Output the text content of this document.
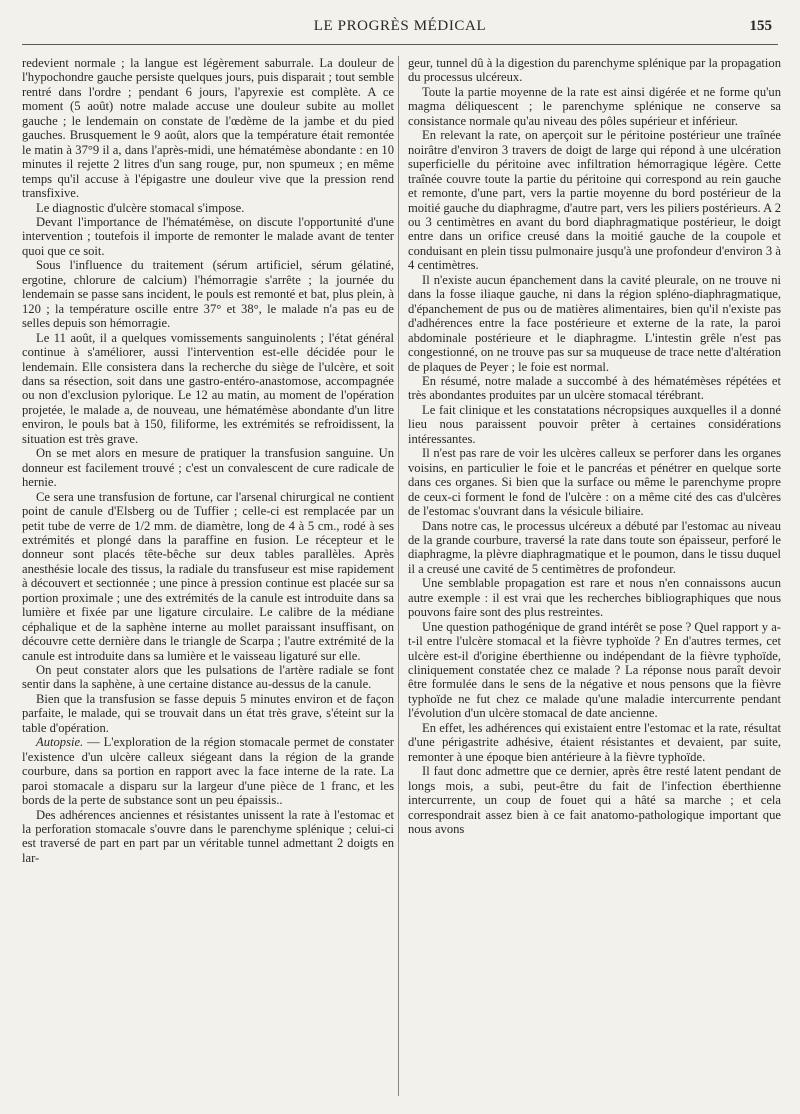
LE PROGRÈS MÉDICAL	155

redevient normale ; la langue est légèrement saburrale. La douleur de l'hypochondre gauche persiste quelques jours, puis disparait ; tout semble rentré dans l'ordre ; pendant 6 jours, l'apyrexie est complète. A ce moment (5 août) notre malade accuse une douleur subite au mollet gauche ; le lendemain on constate de l'œdème de la jambe et du pied gauches. Brusquement le 9 août, alors que la température était remontée le matin à 37°9 il a, dans l'après-midi, une hématémèse abondante : en 10 minutes il rejette 2 litres d'un sang rouge, pur, non spumeux ; en même temps qu'il accuse à l'épigastre une douleur vive que la pression rend transfixive.

Le diagnostic d'ulcère stomacal s'impose.

Devant l'importance de l'hématémèse, on discute l'opportunité d'une intervention ; toutefois il importe de remonter le malade avant de tenter quoi que ce soit.

Sous l'influence du traitement (sérum artificiel, sérum gélatiné, ergotine, chlorure de calcium) l'hémorragie s'arrête ; la journée du lendemain se passe sans incident, le pouls est remonté et bat, plus plein, à 120 ; la température oscille entre 37° et 38°, le malade n'a pas eu de selles depuis son hémorragie.

Le 11 août, il a quelques vomissements sanguinolents ; l'état général continue à s'améliorer, aussi l'intervention est-elle décidée pour le lendemain. Elle consistera dans la recherche du siège de l'ulcère, et soit dans sa résection, soit dans une gastro-entéro-anastomose, accompagnée ou non d'exclusion pylorique. Le 12 au matin, au moment de l'opération projetée, le malade a, de nouveau, une hématémèse abondante d'un litre environ, le pouls bat à 150, filiforme, les extrémités se refroidissent, la situation est très grave.

On se met alors en mesure de pratiquer la transfusion sanguine. Un donneur est facilement trouvé ; c'est un convalescent de cure radicale de hernie.

Ce sera une transfusion de fortune, car l'arsenal chirurgical ne contient point de canule d'Elsberg ou de Tuffier ; celle-ci est remplacée par un petit tube de verre de 1/2 mm. de diamètre, long de 4 à 5 cm., rodé à ses extrémités et plongé dans la paraffine en fusion. Le récepteur et le donneur sont placés tête-bêche sur deux tables parallèles. Après anesthésie locale des tissus, la radiale du transfuseur est mise rapidement à découvert et sectionnée ; une pince à pression continue est placée sur sa portion proximale ; une des extrémités de la canule est introduite dans sa lumière et fixée par une ligature circulaire. Le calibre de la médiane céphalique et de la saphène interne au mollet paraissant insuffisant, on découvre cette dernière dans le triangle de Scarpa ; l'autre extrémité de la canule est introduite dans sa lumière et le vaisseau ligaturé sur elle.

On peut constater alors que les pulsations de l'artère radiale se font sentir dans la saphène, à une certaine distance au-dessus de la canule.

Bien que la transfusion se fasse depuis 5 minutes environ et de façon parfaite, le malade, qui se trouvait dans un état très grave, s'éteint sur la table d'opération.

Autopsie. — L'exploration de la région stomacale permet de constater l'existence d'un ulcère calleux siégeant dans la région de la grande courbure, dans sa portion en rapport avec la face interne de la rate. La paroi stomacale a disparu sur la largeur d'une pièce de 1 franc, et les bords de la perte de substance sont un peu épaissis..

Des adhérences anciennes et résistantes unissent la rate à l'estomac et la perforation stomacale s'ouvre dans le parenchyme splénique ; celui-ci est traversé de part en part par un véritable tunnel admettant 2 doigts en lar-

geur, tunnel dû à la digestion du parenchyme splénique par la propagation du processus ulcéreux.

Toute la partie moyenne de la rate est ainsi digérée et ne forme qu'un magma déliquescent ; le parenchyme splénique ne conserve sa consistance normale qu'au niveau des pôles supérieur et inférieur.

En relevant la rate, on aperçoit sur le péritoine postérieur une traînée noirâtre d'environ 3 travers de doigt de large qui répond à une ulcération superficielle du péritoine avec infiltration hémorragique légère. Cette traînée couvre toute la partie du péritoine qui correspond au rein gauche et remonte, d'une part, vers la partie moyenne du bord postérieur de la moitié gauche du diaphragme, d'autre part, vers les piliers postérieurs. A 2 ou 3 centimètres en avant du bord diaphragmatique postérieur, le doigt entre dans un orifice creusé dans la moitié gauche de la coupole et conduisant en plein tissu pulmonaire jusqu'à une profondeur d'environ 3 à 4 centimètres.

Il n'existe aucun épanchement dans la cavité pleurale, on ne trouve ni dans la fosse iliaque gauche, ni dans la région spléno-diaphragmatique, d'épanchement de pus ou de matières alimentaires, bien qu'il n'existe pas d'adhérences entre la face postérieure et externe de la rate, la paroi abdominale postérieure et le diaphragme. L'intestin grêle n'est pas congestionné, on ne trouve pas sur sa muqueuse de trace nette d'altération de plaques de Peyer ; le foie est normal.

En résumé, notre malade a succombé à des hématémèses répétées et très abondantes produites par un ulcère stomacal térébrant.

Le fait clinique et les constatations nécropsiques auxquelles il a donné lieu nous paraissent pouvoir prêter à certaines considérations intéressantes.

Il n'est pas rare de voir les ulcères calleux se perforer dans les organes voisins, en particulier le foie et le pancréas et pénétrer en quelque sorte dans ces organes. Si bien que la surface ou même le parenchyme propre de ceux-ci forment le fond de l'ulcère : on a même cité des cas d'ulcères de l'estomac s'ouvrant dans la vésicule biliaire.

Dans notre cas, le processus ulcéreux a débuté par l'estomac au niveau de la grande courbure, traversé la rate dans toute son épaisseur, perforé le diaphragme, la plèvre diaphragmatique et le poumon, dans le tissu duquel il a creusé une cavité de 5 centimètres de profondeur.

Une semblable propagation est rare et nous n'en connaissons aucun autre exemple : il est vrai que les recherches bibliographiques que nous pouvons faire sont des plus restreintes.

Une question pathogénique de grand intérêt se pose ? Quel rapport y a-t-il entre l'ulcère stomacal et la fièvre typhoïde ? En d'autres termes, cet ulcère est-il d'origine éberthienne ou indépendant de la fièvre typhoïde, cliniquement constatée chez ce malade ? La réponse nous paraît devoir être formulée dans le sens de la négative et nous pensons que la fièvre typhoïde ne fut chez ce malade qu'une maladie intercurrente pendant l'évolution d'un ulcère stomacal de date ancienne.

En effet, les adhérences qui existaient entre l'estomac et la rate, résultat d'une périgastrite adhésive, étaient résistantes et devaient, par suite, remonter à une époque bien antérieure à la fièvre typhoïde.

Il faut donc admettre que ce dernier, après être resté latent pendant de longs mois, a subi, peut-être du fait de l'infection éberthienne intercurrente, un coup de fouet qui a hâté sa marche ; et cela correspondrait assez bien à ce fait anatomo-pathologique important que nous avons
